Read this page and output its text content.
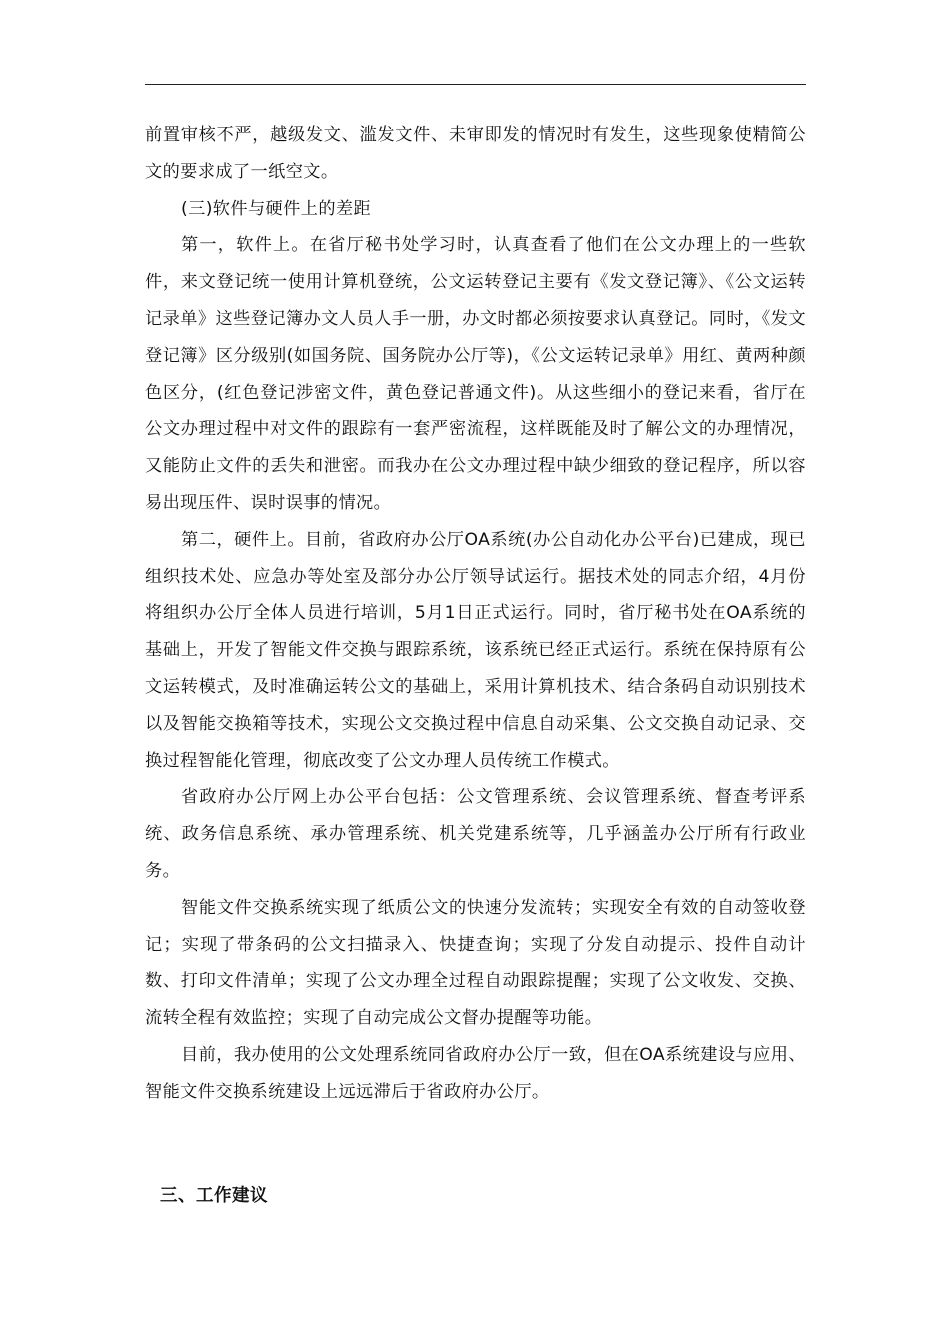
前置审核不严，越级发文、滥发文件、未审即发的情况时有发生，这些现象使精简公文的要求成了一纸空文。

(三)软件与硬件上的差距

第一，软件上。在省厅秘书处学习时，认真查看了他们在公文办理上的一些软件，来文登记统一使用计算机登统，公文运转登记主要有《发文登记簿》、《公文运转记录单》这些登记簿办文人员人手一册，办文时都必须按要求认真登记。同时，《发文登记簿》区分级别(如国务院、国务院办公厅等)，《公文运转记录单》用红、黄两种颜色区分，(红色登记涉密文件，黄色登记普通文件)。从这些细小的登记来看，省厅在公文办理过程中对文件的跟踪有一套严密流程，这样既能及时了解公文的办理情况，又能防止文件的丢失和泄密。而我办在公文办理过程中缺少细致的登记程序，所以容易出现压件、误时误事的情况。

第二，硬件上。目前，省政府办公厅OA系统(办公自动化办公平台)已建成，现已组织技术处、应急办等处室及部分办公厅领导试运行。据技术处的同志介绍，4月份将组织办公厅全体人员进行培训，5月1日正式运行。同时，省厅秘书处在OA系统的基础上，开发了智能文件交换与跟踪系统，该系统已经正式运行。系统在保持原有公文运转模式，及时准确运转公文的基础上，采用计算机技术、结合条码自动识别技术以及智能交换箱等技术，实现公文交换过程中信息自动采集、公文交换自动记录、交换过程智能化管理，彻底改变了公文办理人员传统工作模式。

省政府办公厅网上办公平台包括：公文管理系统、会议管理系统、督查考评系统、政务信息系统、承办管理系统、机关党建系统等，几乎涵盖办公厅所有行政业务。

智能文件交换系统实现了纸质公文的快速分发流转；实现安全有效的自动签收登记；实现了带条码的公文扫描录入、快捷查询；实现了分发自动提示、投件自动计数、打印文件清单；实现了公文办理全过程自动跟踪提醒；实现了公文收发、交换、流转全程有效监控；实现了自动完成公文督办提醒等功能。

目前，我办使用的公文处理系统同省政府办公厅一致，但在OA系统建设与应用、智能文件交换系统建设上远远滞后于省政府办公厅。

三、工作建议
